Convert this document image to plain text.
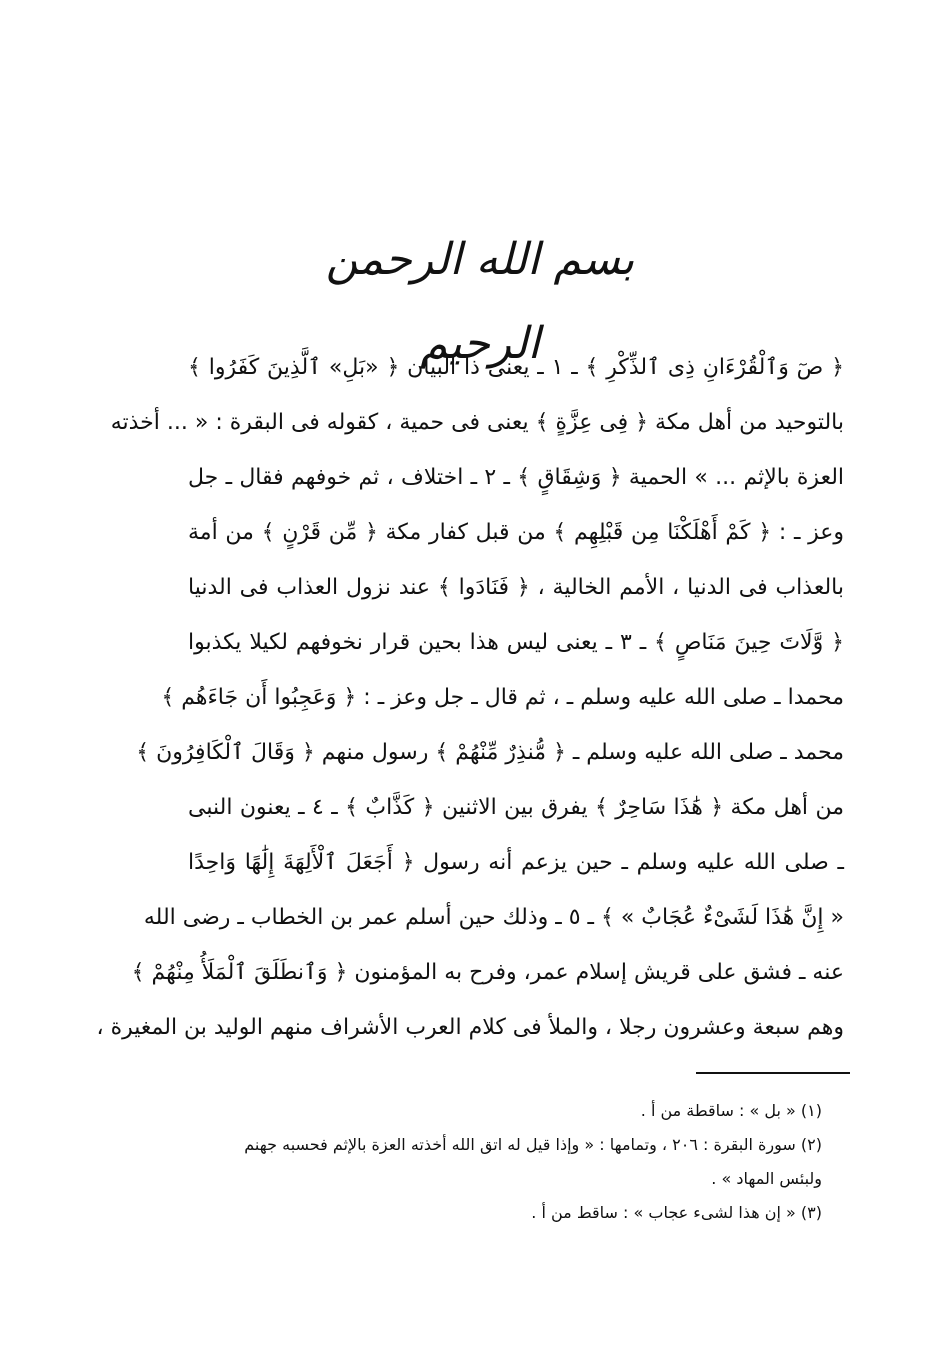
بسم الله الرحمن الرحيم
﴿ صٓ وَٱلْقُرْءَانِ ذِى ٱلذِّكْرِ ﴾ ـ ١ ـ يعنى ذا البيان ﴿ «بَلِ» ٱلَّذِينَ كَفَرُوا ﴾
بالتوحيد من أهل مكة ﴿ فِى عِزَّةٍ ﴾ يعنى فى حمية ، كقوله فى البقرة : « ... أخذته
العزة بالإثم ... » الحمية ﴿ وَشِقَاقٍ ﴾ ـ ٢ ـ اختلاف ، ثم خوفهم فقال ـ جل
وعز ـ : ﴿ كَمْ أَهْلَكْنَا مِن قَبْلِهِم ﴾ من قبل كفار مكة ﴿ مِّن قَرْنٍ ﴾ من أمة
بالعذاب فى الدنيا ، الأمم الخالية ، ﴿ فَنَادَوا ﴾ عند نزول العذاب فى الدنيا
﴿ وَّلَاتَ حِينَ مَنَاصٍ ﴾ ـ ٣ ـ يعنى ليس هذا بحين قرار نخوفهم لكيلا يكذبوا
محمدا ـ صلى الله عليه وسلم ـ ، ثم قال ـ جل وعز ـ : ﴿ وَعَجِبُوا أَن جَاءَهُم ﴾
محمد ـ صلى الله عليه وسلم ـ ﴿ مُّنذِرٌ مِّنْهُمْ ﴾ رسول منهم ﴿ وَقَالَ ٱلْكَافِرُونَ ﴾
من أهل مكة ﴿ هَٰذَا سَاحِرٌ ﴾ يفرق بين الاثنين ﴿ كَذَّابٌ ﴾ ـ ٤ ـ يعنون النبى
ـ صلى الله عليه وسلم ـ حين يزعم أنه رسول ﴿ أَجَعَلَ ٱلْأَلِهَةَ إِلَٰهًا وَاحِدًا
« إِنَّ هَٰذَا لَشَىْءٌ عُجَابٌ » ﴾ ـ ٥ ـ وذلك حين أسلم عمر بن الخطاب ـ رضى الله
عنه ـ فشق على قريش إسلام عمر، وفرح به المؤمنون ﴿ وَٱنطَلَقَ ٱلْمَلَأُ مِنْهُمْ ﴾
وهم سبعة وعشرون رجلا ، والملأ فى كلام العرب الأشراف منهم الوليد بن المغيرة ،
(١) « بل » : ساقطة من أ .
(٢) سورة البقرة : ٢٠٦ ، وتمامها : « وإذا قيل له اتق الله أخذته العزة بالإثم فحسبه جهنم
ولبئس المهاد » .
(٣) « إن هذا لشىء عجاب » : ساقط من أ .
